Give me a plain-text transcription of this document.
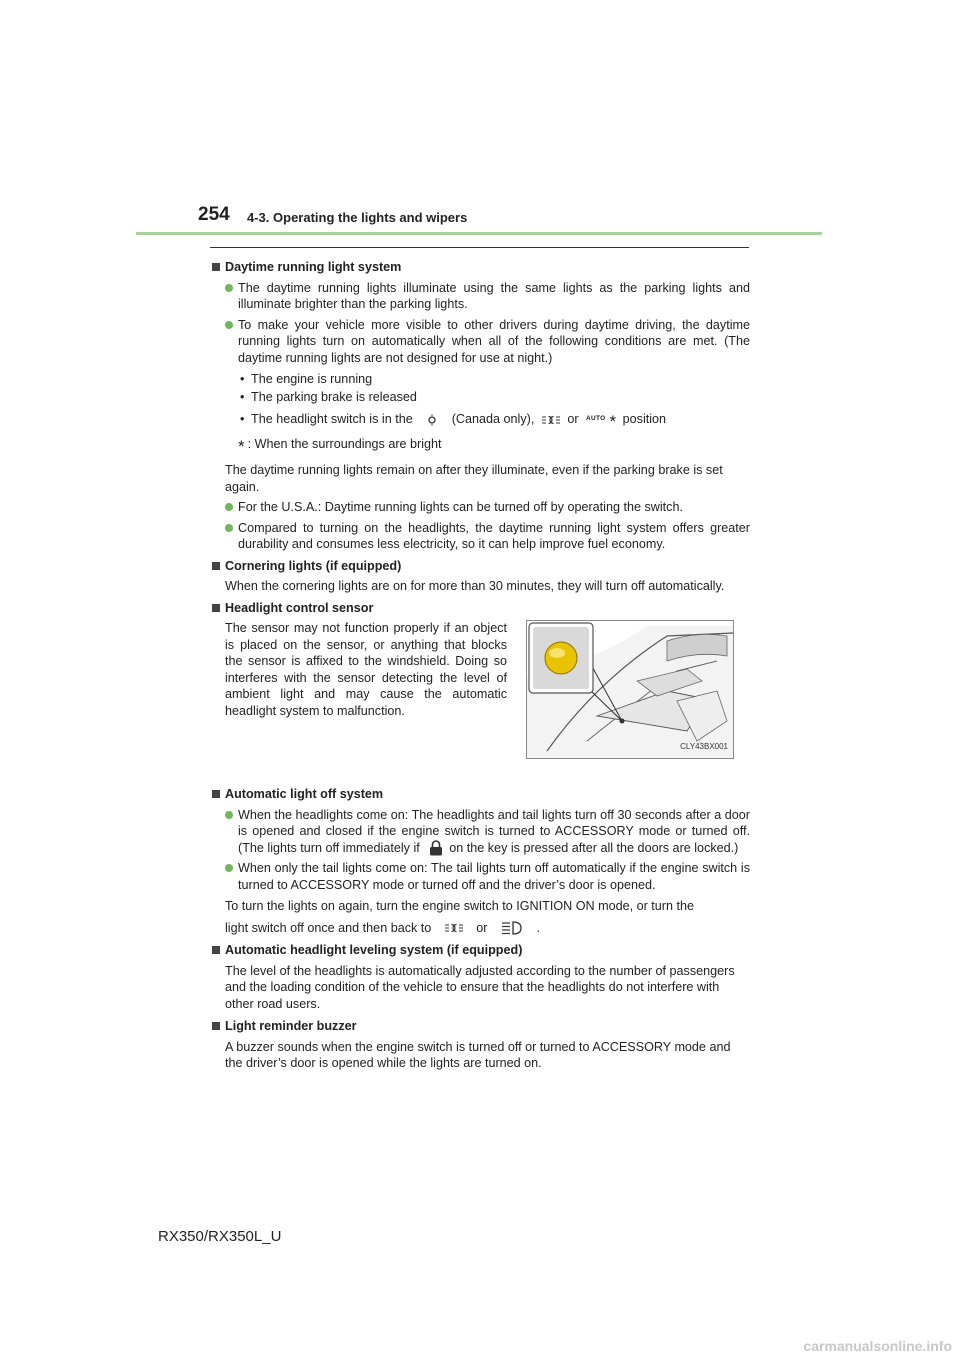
254 4-3. Operating the lights and wipers
Daytime running light system
The daytime running lights illuminate using the same lights as the parking lights and illuminate brighter than the parking lights.
To make your vehicle more visible to other drivers during daytime driving, the daytime running lights turn on automatically when all of the following conditions are met. (The daytime running lights are not designed for use at night.)
• The engine is running
• The parking brake is released
• The headlight switch is in the	(Canada only),	or AUTO * position
* : When the surroundings are bright
The daytime running lights remain on after they illuminate, even if the parking brake is set again.
For the U.S.A.: Daytime running lights can be turned off by operating the switch.
Compared to turning on the headlights, the daytime running light system offers greater durability and consumes less electricity, so it can help improve fuel economy.
Cornering lights (if equipped)
When the cornering lights are on for more than 30 minutes, they will turn off automatically.
Headlight control sensor
The sensor may not function properly if an object is placed on the sensor, or anything that blocks the sensor is affixed to the windshield. Doing so interferes with the sensor detecting the level of ambient light and may cause the automatic headlight system to malfunction.
CLY43BX001
Automatic light off system
When the headlights come on: The headlights and tail lights turn off 30 seconds after a door is opened and closed if the engine switch is turned to ACCESSORY mode or turned off. (The lights turn off immediately if on the key is pressed after all the doors are locked.)
When only the tail lights come on: The tail lights turn off automatically if the engine switch is turned to ACCESSORY mode or turned off and the driver’s door is opened.
To turn the lights on again, turn the engine switch to IGNITION ON mode, or turn the
light switch off once and then back to	or	.
Automatic headlight leveling system (if equipped)
The level of the headlights is automatically adjusted according to the number of passengers and the loading condition of the vehicle to ensure that the headlights do not interfere with other road users.
Light reminder buzzer
A buzzer sounds when the engine switch is turned off or turned to ACCESSORY mode and the driver’s door is opened while the lights are turned on.
RX350/RX350L_U
carmanualsonline.info
